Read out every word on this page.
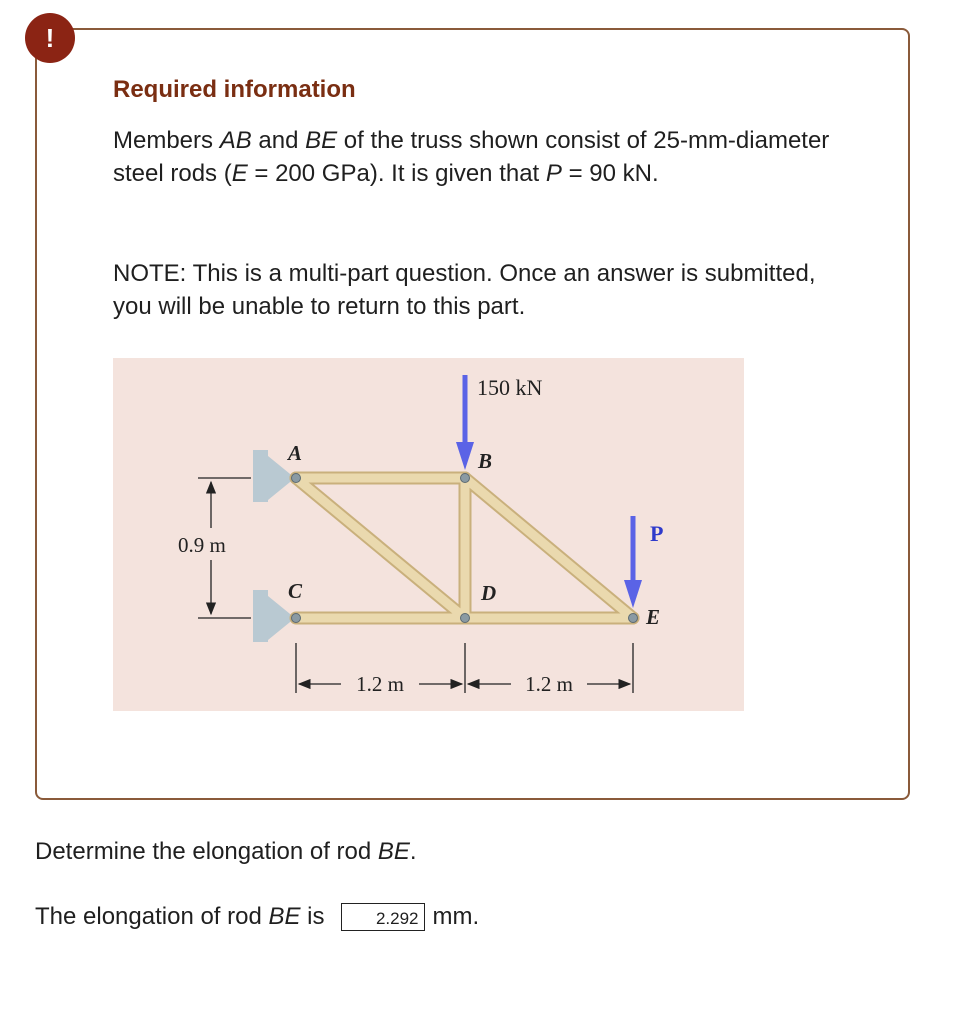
!
Required information

Members AB and BE of the truss shown consist of 25-mm-diameter steel rods (E = 200 GPa). It is given that P = 90 kN.

NOTE: This is a multi-part question. Once an answer is submitted, you will be unable to return to this part.

150 kN
P
A	B
C	D
E
0.9 m
1.2 m	1.2 m

Determine the elongation of rod BE.

The elongation of rod BE is
2.292	mm.
